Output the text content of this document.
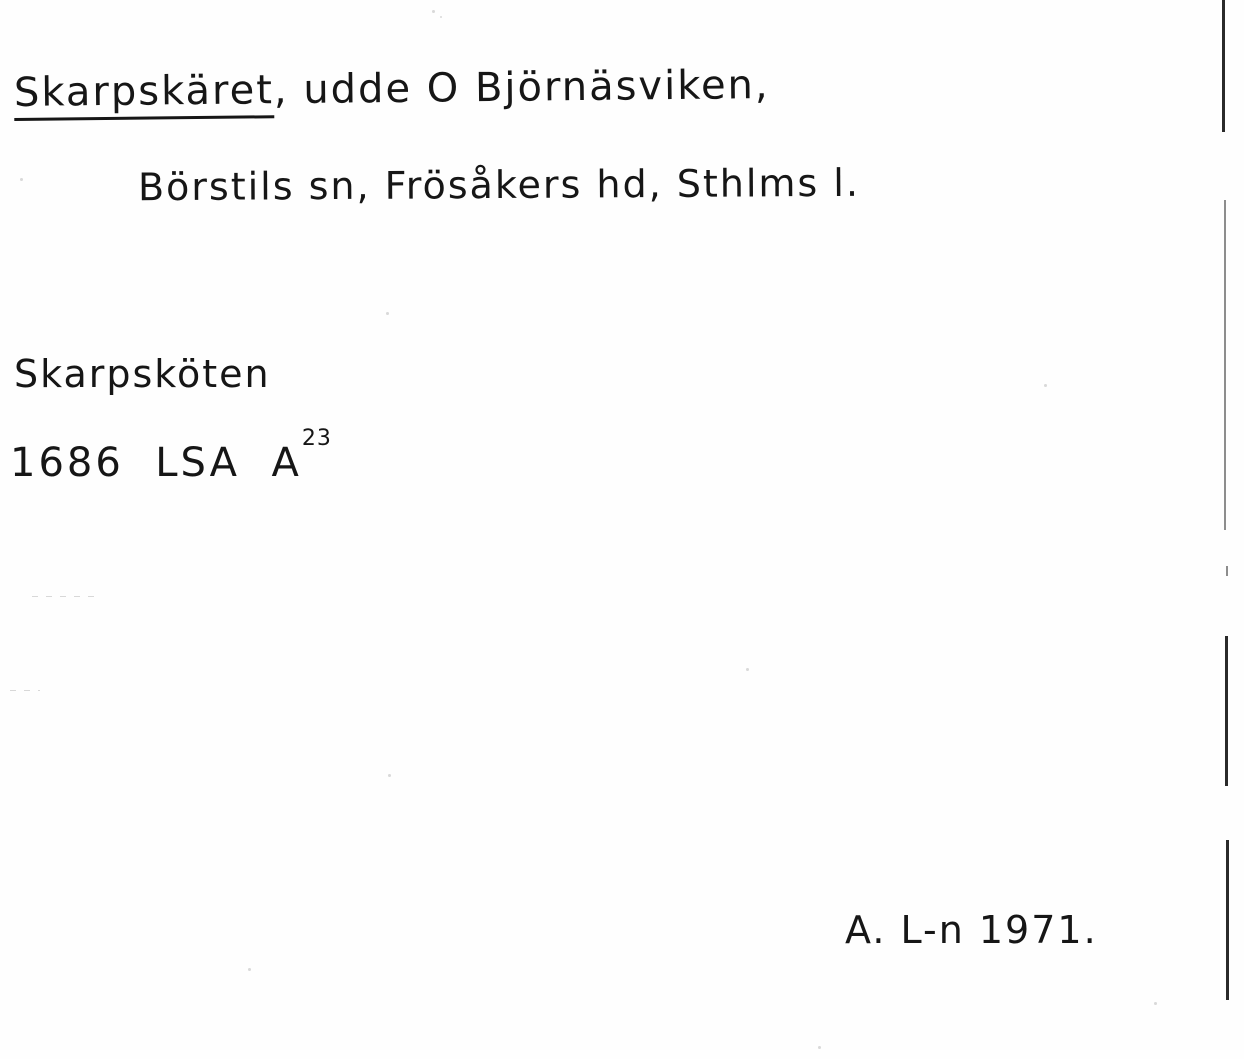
Skarpskäret, udde O Björnäsviken,
Börstils sn, Frösåkers hd, Sthlms l.
Skarpsköten
1686 LSA $A^{23}$
A. L-n 1971.
